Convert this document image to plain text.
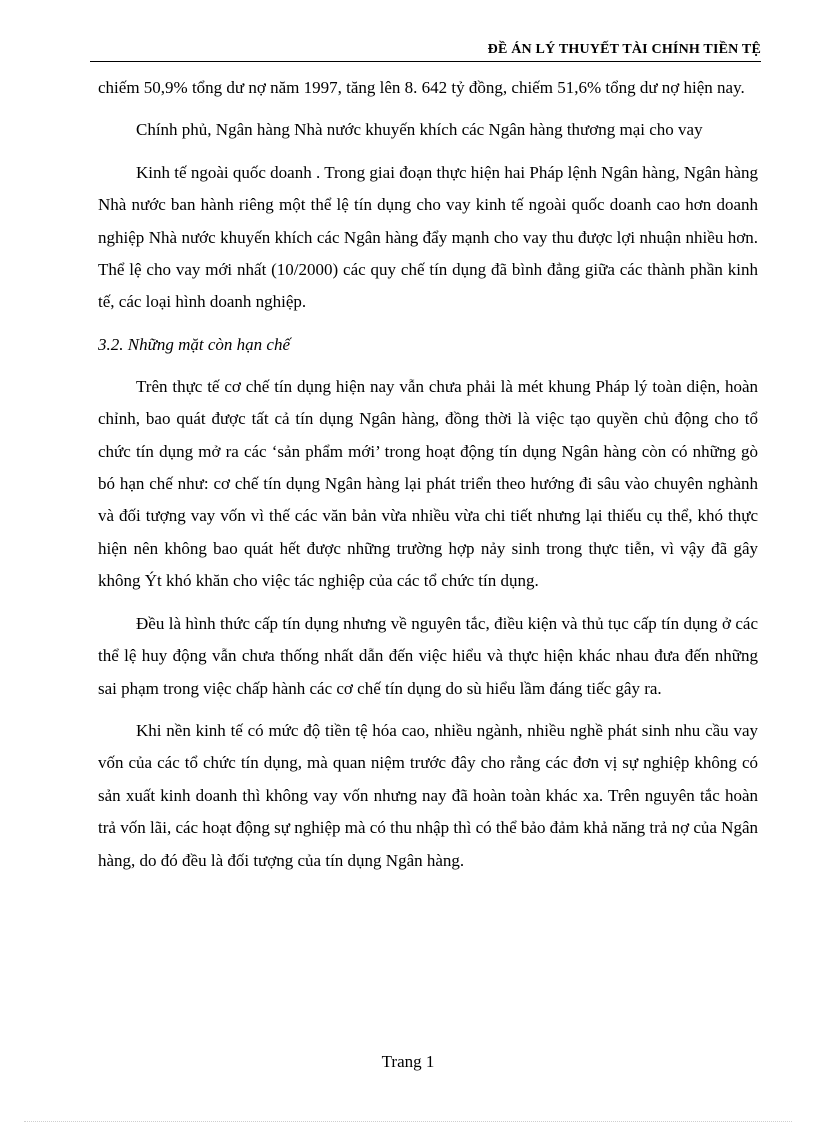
ĐỀ ÁN LÝ THUYẾT TÀI CHÍNH TIỀN TỆ

chiếm 50,9% tổng dư nợ năm 1997, tăng lên 8. 642 tỷ đồng, chiếm 51,6% tổng dư nợ hiện nay.

Chính phủ, Ngân hàng Nhà nước khuyến khích các Ngân hàng thương mại cho vay

Kinh tế ngoài quốc doanh . Trong giai đoạn thực hiện hai Pháp lệnh Ngân hàng, Ngân hàng Nhà nước ban hành riêng một thể lệ tín dụng cho vay kinh tế ngoài quốc doanh cao hơn doanh nghiệp Nhà nước khuyến khích các Ngân hàng đẩy mạnh cho vay thu được lợi nhuận nhiều hơn. Thể lệ cho vay mới nhất (10/2000) các quy chế tín dụng đã bình đẳng giữa các thành phần kinh tế, các loại hình doanh nghiệp.

3.2. Những mặt còn hạn chế

Trên thực tế cơ chế tín dụng hiện nay vẫn chưa phải là mét khung Pháp lý toàn diện, hoàn chỉnh, bao quát được tất cả tín dụng Ngân hàng, đồng thời là việc tạo quyền chủ động cho tổ chức tín dụng mở ra các ‘sản phẩm mới’ trong hoạt động tín dụng Ngân hàng còn có những gò bó hạn chế như: cơ chế tín dụng Ngân hàng lại phát triển theo hướng đi sâu vào chuyên nghành và đối tượng vay vốn vì thế các văn bản vừa nhiều vừa chi tiết nhưng lại thiếu cụ thể, khó thực hiện nên không bao quát hết được những trường hợp nảy sinh trong thực tiễn, vì vậy đã gây không Ýt khó khăn cho việc tác nghiệp của các tổ chức tín dụng.

Đều là hình thức cấp tín dụng nhưng về nguyên tắc, điều kiện và thủ tục cấp tín dụng ở các thể lệ huy động vẫn chưa thống nhất dẫn đến việc hiểu và thực hiện khác nhau đưa đến những sai phạm trong việc chấp hành các cơ chế tín dụng do sù hiểu lầm đáng tiếc gây ra.

Khi nền kinh tế có mức độ tiền tệ hóa cao, nhiều ngành, nhiều nghề phát sinh nhu cầu vay vốn của các tổ chức tín dụng, mà quan niệm trước đây cho rằng các đơn vị sự nghiệp không có sản xuất kinh doanh thì không vay vốn nhưng nay đã hoàn toàn khác xa. Trên nguyên tắc hoàn trả vốn lãi, các hoạt động sự nghiệp mà có thu nhập thì có thể bảo đảm khả năng trả nợ của Ngân hàng, do đó đều là đối tượng của tín dụng Ngân hàng.

Trang 1
